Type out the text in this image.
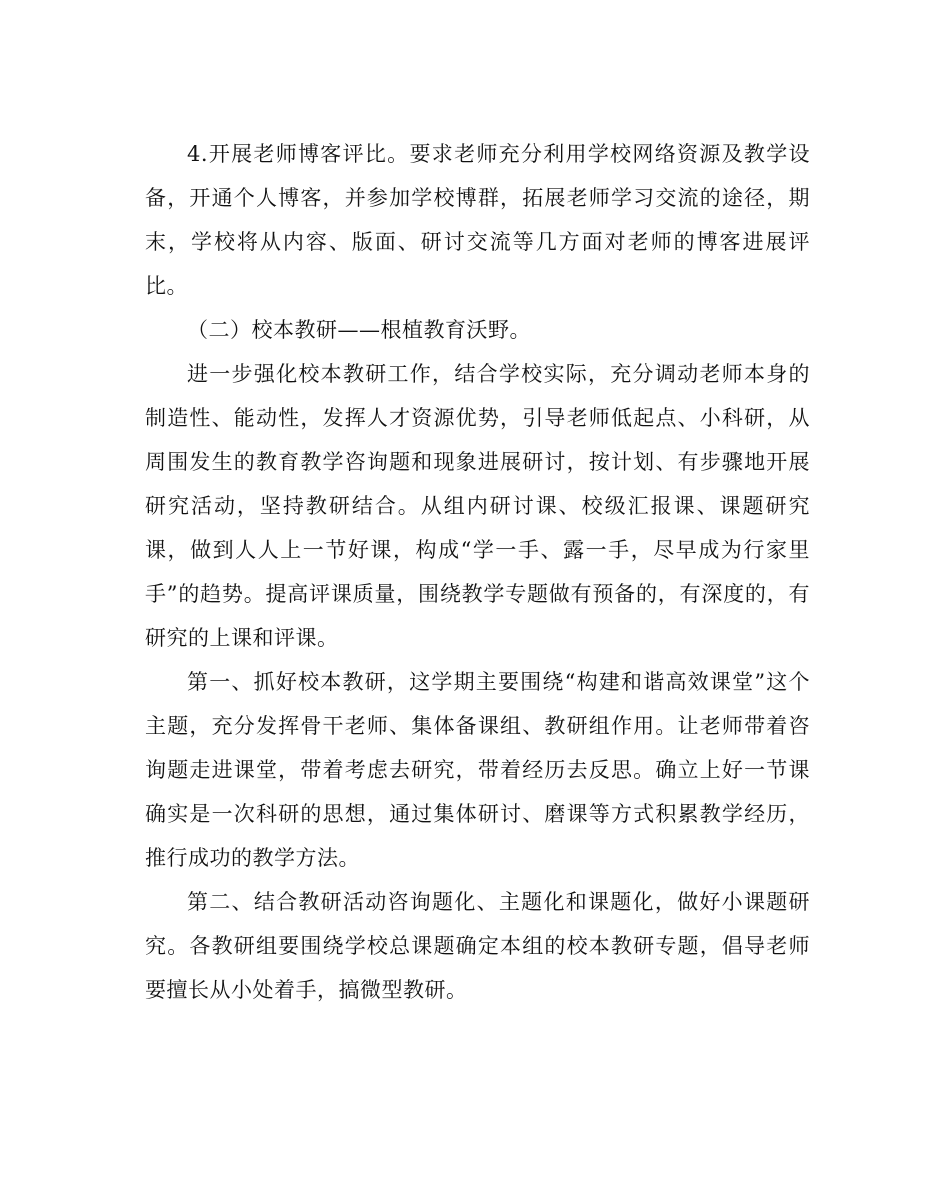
4.开展老师博客评比。要求老师充分利用学校网络资源及教学设备，开通个人博客，并参加学校博群，拓展老师学习交流的途径，期末，学校将从内容、版面、研讨交流等几方面对老师的博客进展评比。

（二）校本教研——根植教育沃野。

进一步强化校本教研工作，结合学校实际，充分调动老师本身的制造性、能动性，发挥人才资源优势，引导老师低起点、小科研，从周围发生的教育教学咨询题和现象进展研讨，按计划、有步骤地开展研究活动，坚持教研结合。从组内研讨课、校级汇报课、课题研究课，做到人人上一节好课，构成“学一手、露一手，尽早成为行家里手”的趋势。提高评课质量，围绕教学专题做有预备的，有深度的，有研究的上课和评课。

第一、抓好校本教研，这学期主要围绕“构建和谐高效课堂”这个主题，充分发挥骨干老师、集体备课组、教研组作用。让老师带着咨询题走进课堂，带着考虑去研究，带着经历去反思。确立上好一节课确实是一次科研的思想，通过集体研讨、磨课等方式积累教学经历，推行成功的教学方法。

第二、结合教研活动咨询题化、主题化和课题化，做好小课题研究。各教研组要围绕学校总课题确定本组的校本教研专题，倡导老师要擅长从小处着手，搞微型教研。
